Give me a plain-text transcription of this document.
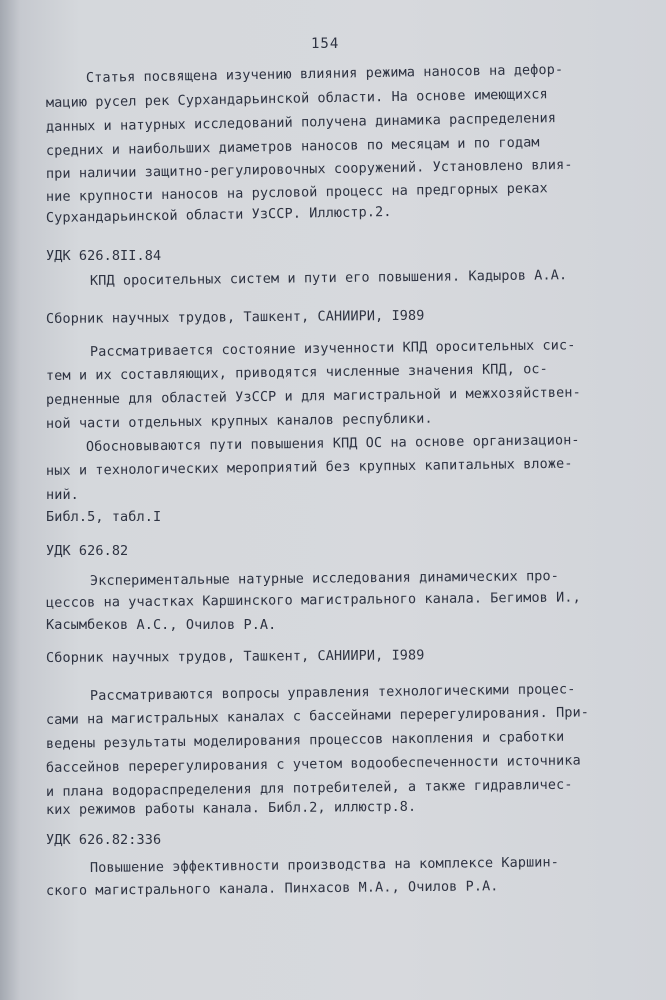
154
Статья посвящена изучению влияния режима наносов на дефор-
мацию русел рек Сурхандарьинской области. На основе имеющихся
данных и натурных исследований получена динамика распределения
средних и наибольших диаметров наносов по месяцам и по годам
при наличии защитно-регулировочных сооружений. Установлено влия-
ние крупности наносов на русловой процесс на предгорных реках
Сурхандарьинской области УзССР. Иллюстр.2.
УДК 626.8II.84
КПД оросительных систем и пути его повышения. Кадыров А.А.
Сборник научных трудов, Ташкент, САНИИРИ, I989
Рассматривается состояние изученности КПД оросительных сис-
тем и их составляющих, приводятся численные значения КПД, ос-
редненные для областей УзССР и для магистральной и межхозяйствен-
ной части отдельных крупных каналов республики.
Обосновываются пути повышения КПД ОС на основе организацион-
ных и технологических мероприятий без крупных капитальных вложе-
ний.
Библ.5, табл.I
УДК 626.82
Экспериментальные натурные исследования динамических про-
цессов на участках Каршинского магистрального канала. Бегимов И.,
Касымбеков А.С., Очилов Р.А.
Сборник научных трудов, Ташкент, САНИИРИ, I989
Рассматриваются вопросы управления технологическими процес-
сами на магистральных каналах с бассейнами перерегулирования. При-
ведены результаты моделирования процессов накопления и сработки
бассейнов перерегулирования с учетом водообеспеченности источника
и плана водораспределения для потребителей, а также гидравличес-
ких режимов работы канала. Библ.2, иллюстр.8.
УДК 626.82:336
Повышение эффективности производства на комплексе Каршин-
ского магистрального канала. Пинхасов М.А., Очилов Р.А.
